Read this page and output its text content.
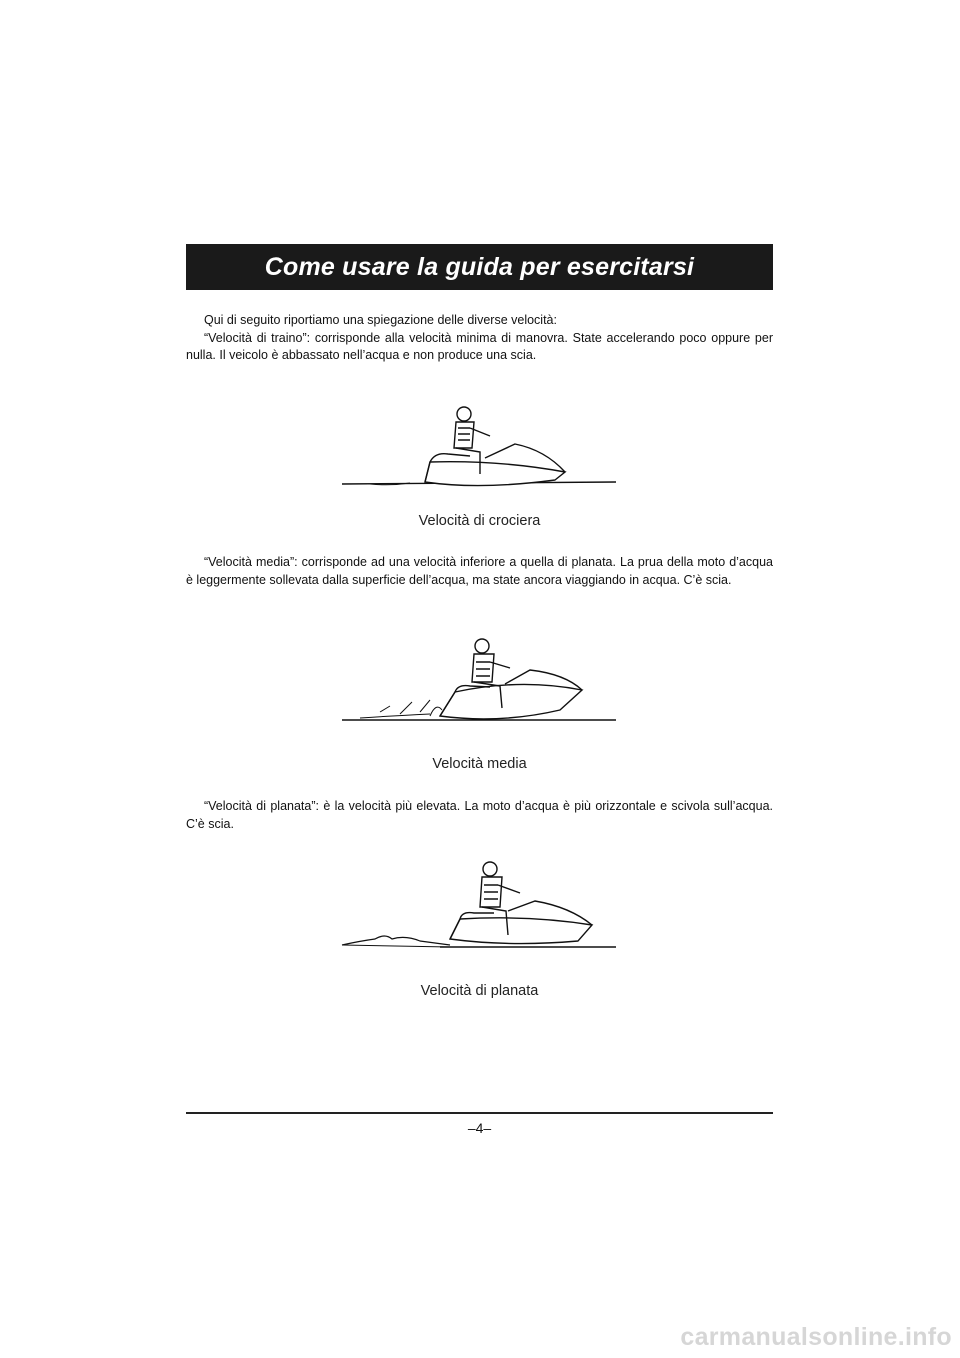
Come usare la guida per esercitarsi
Qui di seguito riportiamo una spiegazione delle diverse velocità:
“Velocità di traino”: corrisponde alla velocità minima di manovra. State accelerando poco oppure per nulla. Il veicolo è abbassato nell’acqua e non produce una scia.
Velocità di crociera
“Velocità media”: corrisponde ad una velocità inferiore a quella di planata. La prua della moto d’acqua è leggermente sollevata dalla superficie dell’acqua, ma state ancora viaggiando in acqua. C’è scia.
Velocità media
“Velocità di planata”: è la velocità più elevata. La moto d’acqua è più orizzontale e scivola sull’acqua. C’è scia.
Velocità di planata
–4–
carmanualsonline.info
